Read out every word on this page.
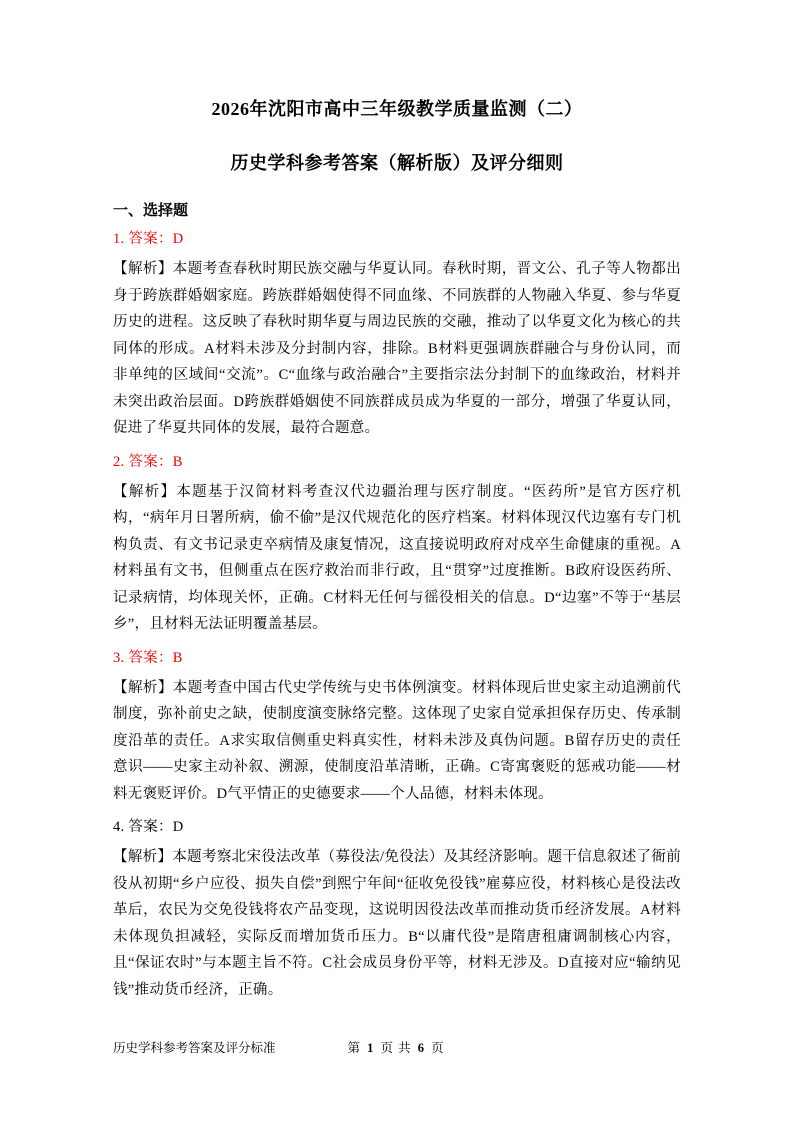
2026年沈阳市高中三年级教学质量监测（二）
历史学科参考答案（解析版）及评分细则
一、选择题

1. 答案：D

【解析】本题考查春秋时期民族交融与华夏认同。春秋时期，晋文公、孔子等人物都出身于跨族群婚姻家庭。跨族群婚姻使得不同血缘、不同族群的人物融入华夏、参与华夏历史的进程。这反映了春秋时期华夏与周边民族的交融，推动了以华夏文化为核心的共同体的形成。A材料未涉及分封制内容，排除。B材料更强调族群融合与身份认同，而非单纯的区域间“交流”。C“血缘与政治融合”主要指宗法分封制下的血缘政治，材料并未突出政治层面。D跨族群婚姻使不同族群成员成为华夏的一部分，增强了华夏认同，促进了华夏共同体的发展，最符合题意。

2. 答案：B

【解析】本题基于汉简材料考查汉代边疆治理与医疗制度。“医药所”是官方医疗机构，“病年月日署所病，偷不偷”是汉代规范化的医疗档案。材料体现汉代边塞有专门机构负责、有文书记录吏卒病情及康复情况，这直接说明政府对戍卒生命健康的重视。A材料虽有文书，但侧重点在医疗救治而非行政，且“贯穿”过度推断。B政府设医药所、记录病情，均体现关怀，正确。C材料无任何与徭役相关的信息。D“边塞”不等于“基层乡”，且材料无法证明覆盖基层。

3. 答案：B

【解析】本题考查中国古代史学传统与史书体例演变。材料体现后世史家主动追溯前代制度，弥补前史之缺，使制度演变脉络完整。这体现了史家自觉承担保存历史、传承制度沿革的责任。A求实取信侧重史料真实性，材料未涉及真伪问题。B留存历史的责任意识——史家主动补叙、溯源，使制度沿革清晰，正确。C寄寓褒贬的惩戒功能——材料无褒贬评价。D气平情正的史德要求——个人品德，材料未体现。

4. 答案：D

【解析】本题考察北宋役法改革（募役法/免役法）及其经济影响。题干信息叙述了衙前役从初期“乡户应役、损失自偿”到熙宁年间“征收免役钱”雇募应役，材料核心是役法改革后，农民为交免役钱将农产品变现，这说明因役法改革而推动货币经济发展。A材料未体现负担减轻，实际反而增加货币压力。B“以庸代役”是隋唐租庸调制核心内容，且“保证农时”与本题主旨不符。C社会成员身份平等，材料无涉及。D直接对应“输纳见钱”推动货币经济，正确。

历史学科参考答案及评分标准	第 1 页 共 6 页
